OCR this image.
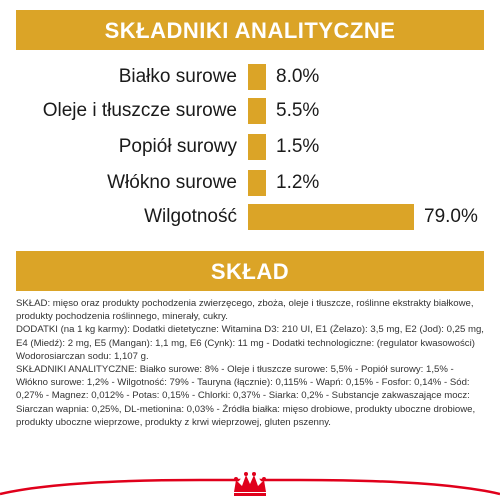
SKŁADNIKI ANALITYCZNE
Białko surowe 8.0%
Oleje i tłuszcze surowe 5.5%
Popiół surowy 1.5%
Włókno surowe 1.2%
Wilgotność	79.0%
SKŁAD

SKŁAD: mięso oraz produkty pochodzenia zwierzęcego, zboża, oleje i tłuszcze, roślinne ekstrakty białkowe, produkty pochodzenia roślinnego, minerały, cukry.

DODATKI (na 1 kg karmy): Dodatki dietetyczne: Witamina D3: 210 UI, E1 (Żelazo): 3,5 mg, E2 (Jod): 0,25 mg, E4 (Miedź): 2 mg, E5 (Mangan): 1,1 mg, E6 (Cynk): 11 mg - Dodatki technologiczne: (regulator kwasowości) Wodorosiarczan sodu: 1,107 g.

SKŁADNIKI ANALITYCZNE: Białko surowe: 8% - Oleje i tłuszcze surowe: 5,5% - Popiół surowy: 1,5% - Włókno surowe: 1,2% - Wilgotność: 79% - Tauryna (łącznie): 0,115% - Wapń: 0,15% - Fosfor: 0,14% - Sód: 0,27% - Magnez: 0,012% - Potas: 0,15% - Chlorki: 0,37% - Siarka: 0,2% - Substancje zakwaszające mocz: Siarczan wapnia: 0,25%, DL-metionina: 0,03% - Źródła białka: mięso drobiowe, produkty uboczne drobiowe, produkty uboczne wieprzowe, produkty z krwi wieprzowej, gluten pszenny.
